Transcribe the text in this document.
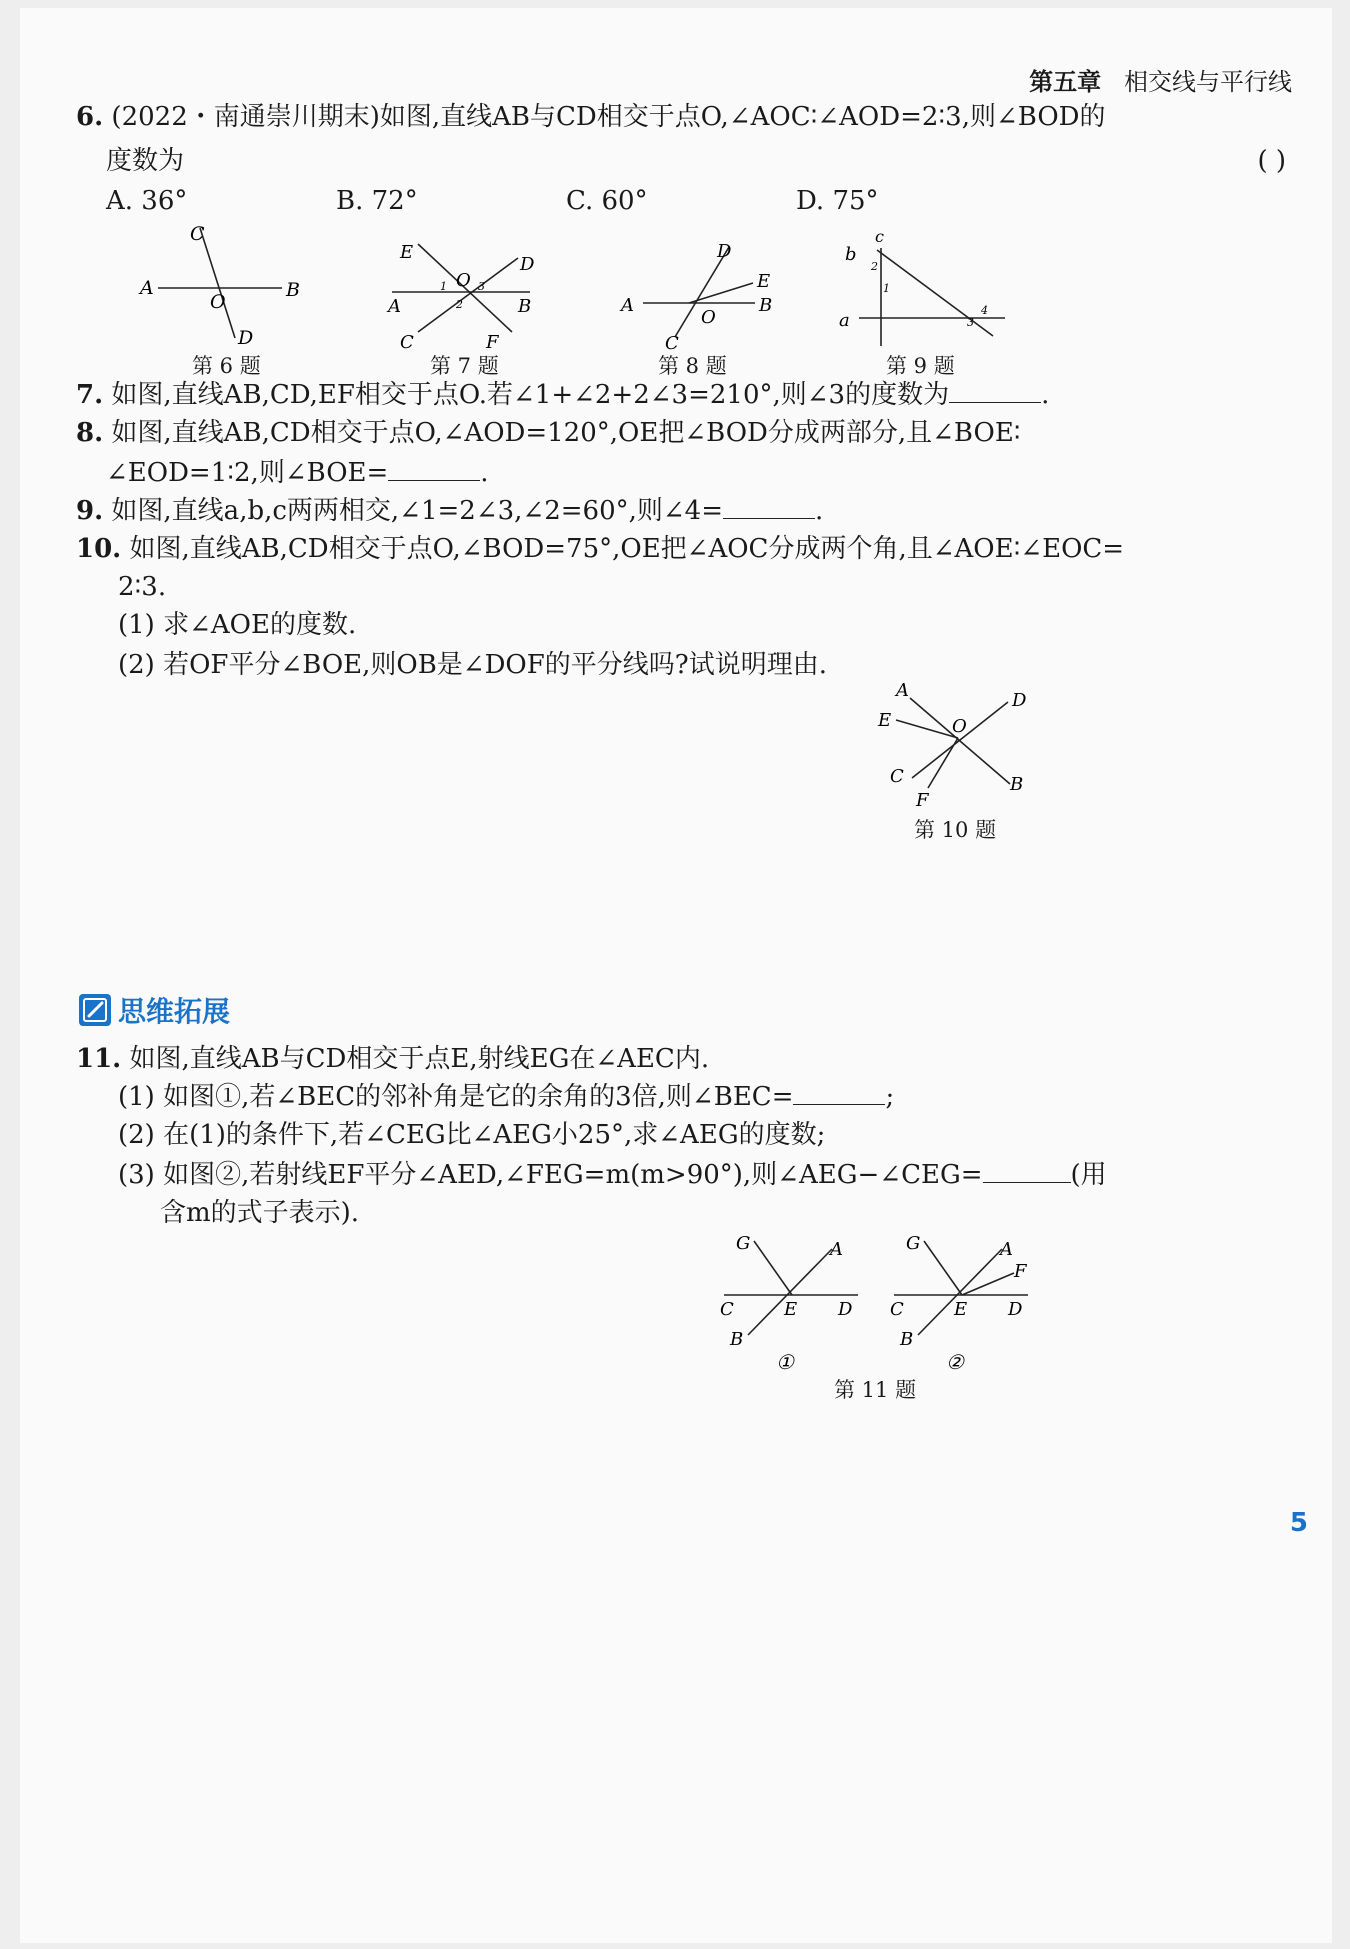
第五章 相交线与平行线
6. (2022・南通崇川期末)如图,直线AB与CD相交于点O,∠AOC∶∠AOD=2∶3,则∠BOD的
度数为	( )
A. 36°	B. 72°	C. 60°	D. 75°
A	B
C
D
O
第 6 题
E
D
A	B
C	F
O
1
2
3
第 7 题
D
E
A	B
O
C
第 8 题
b
c
a
1
2
3
4
第 9 题
7. 如图,直线AB,CD,EF相交于点O.若∠1+∠2+2∠3=210°,则∠3的度数为	.
8. 如图,直线AB,CD相交于点O,∠AOD=120°,OE把∠BOD分成两部分,且∠BOE∶
∠EOD=1∶2,则∠BOE=	.
9. 如图,直线a,b,c两两相交,∠1=2∠3,∠2=60°,则∠4=	.
10. 如图,直线AB,CD相交于点O,∠BOD=75°,OE把∠AOC分成两个角,且∠AOE∶∠EOC=
2∶3.
(1) 求∠AOE的度数.
(2) 若OF平分∠BOE,则OB是∠DOF的平分线吗?试说明理由.
A	D
E	O
C	B
F
第 10 题
思维拓展
11. 如图,直线AB与CD相交于点E,射线EG在∠AEC内.
(1) 如图①,若∠BEC的邻补角是它的余角的3倍,则∠BEC=	;
(2) 在(1)的条件下,若∠CEG比∠AEG小25°,求∠AEG的度数;
(3) 如图②,若射线EF平分∠AED,∠FEG=m(m>90°),则∠AEG−∠CEG=	(用
含m的式子表示).
G	A
C	E D
B
①
G	A
F
C	E D
B
②
第 11 题
5
